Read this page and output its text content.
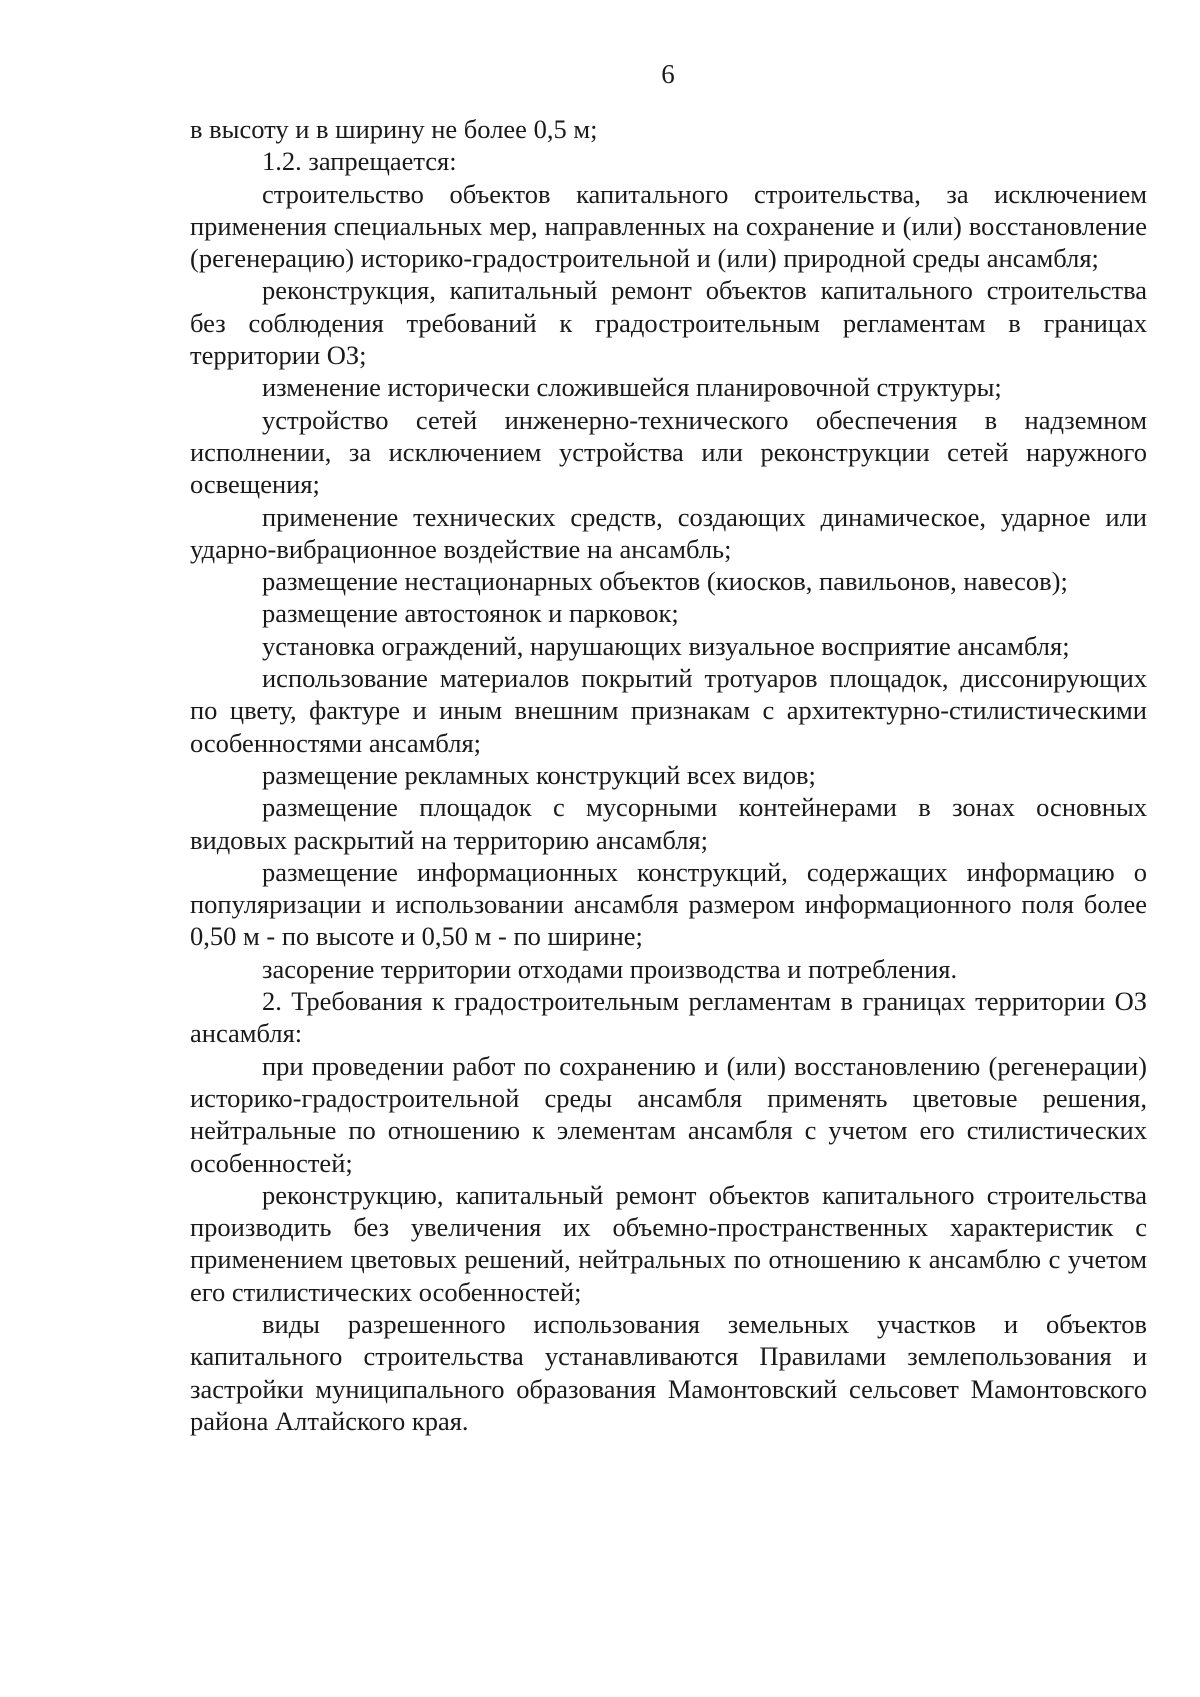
6

в высоту и в ширину не более 0,5 м;

1.2. запрещается:

строительство объектов капитального строительства, за исключением применения специальных мер, направленных на сохранение и (или) восстановление (регенерацию) историко-градостроительной и (или) природной среды ансамбля;

реконструкция, капитальный ремонт объектов капитального строительства без соблюдения требований к градостроительным регламентам в границах территории ОЗ;

изменение исторически сложившейся планировочной структуры;

устройство сетей инженерно-технического обеспечения в надземном исполнении, за исключением устройства или реконструкции сетей наружного освещения;

применение технических средств, создающих динамическое, ударное или ударно-вибрационное воздействие на ансамбль;

размещение нестационарных объектов (киосков, павильонов, навесов);

размещение автостоянок и парковок;

установка ограждений, нарушающих визуальное восприятие ансамбля;

использование материалов покрытий тротуаров площадок, диссонирующих по цвету, фактуре и иным внешним признакам с архитектурно-стилистическими особенностями ансамбля;

размещение рекламных конструкций всех видов;

размещение площадок с мусорными контейнерами в зонах основных видовых раскрытий на территорию ансамбля;

размещение информационных конструкций, содержащих информацию о популяризации и использовании ансамбля размером информационного поля более 0,50 м - по высоте и 0,50 м - по ширине;

засорение территории отходами производства и потребления.

2. Требования к градостроительным регламентам в границах территории ОЗ ансамбля:

при проведении работ по сохранению и (или) восстановлению (регенерации) историко-градостроительной среды ансамбля применять цветовые решения, нейтральные по отношению к элементам ансамбля с учетом его стилистических особенностей;

реконструкцию, капитальный ремонт объектов капитального строительства производить без увеличения их объемно-пространственных характеристик с применением цветовых решений, нейтральных по отношению к ансамблю с учетом его стилистических особенностей;

виды разрешенного использования земельных участков и объектов капитального строительства устанавливаются Правилами землепользования и застройки муниципального образования Мамонтовский сельсовет Мамонтовского района Алтайского края.
